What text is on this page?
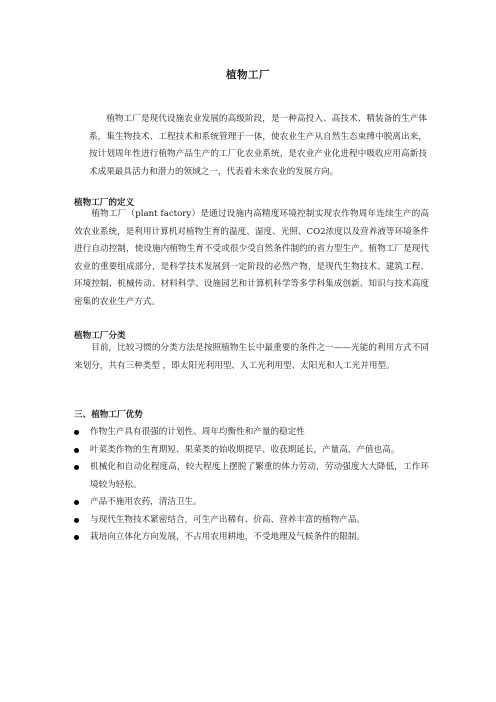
植物工厂

植物工厂是现代设施农业发展的高级阶段，是一种高投入、高技术、精装备的生产体系，集生物技术、工程技术和系统管理于一体，使农业生产从自然生态束缚中脱离出来，按计划周年性进行植物产品生产的工厂化农业系统，是农业产业化进程中吸收应用高新技术成果最具活力和潜力的领域之一，代表着未来农业的发展方向。

植物工厂的定义

植物工厂（plant factory）是通过设施内高精度环境控制实现农作物周年连续生产的高效农业系统，是利用计算机对植物生育的温度、湿度、光照、CO2浓度以及营养液等环境条件进行自动控制，使设施内植物生育不受或很少受自然条件制约的省力型生产。植物工厂是现代农业的重要组成部分，是科学技术发展到一定阶段的必然产物，是现代生物技术、建筑工程、环境控制、机械传动、材料科学、设施园艺和计算机科学等多学科集成创新、知识与技术高度密集的农业生产方式。

植物工厂分类

目前，比较习惯的分类方法是按照植物生长中最重要的条件之一——光能的利用方式不同来划分，共有三种类型 ，即太阳光利用型、人工光利用型、太阳光和人工光并用型。

三、植物工厂优势
作物生产具有很强的计划性、周年均衡性和产量的稳定性
叶菜类作物的生育期短、果菜类的始收期提早、收获期延长，产量高，产值也高。
机械化和自动化程度高，较大程度上摆脱了繁重的体力劳动，劳动强度大大降低，工作环境较为轻松。
产品不施用农药，清洁卫生。
与现代生物技术紧密结合，可生产出稀有、价高、营养丰富的植物产品。
栽培向立体化方向发展，不占用农用耕地，不受地理及气候条件的限制。
